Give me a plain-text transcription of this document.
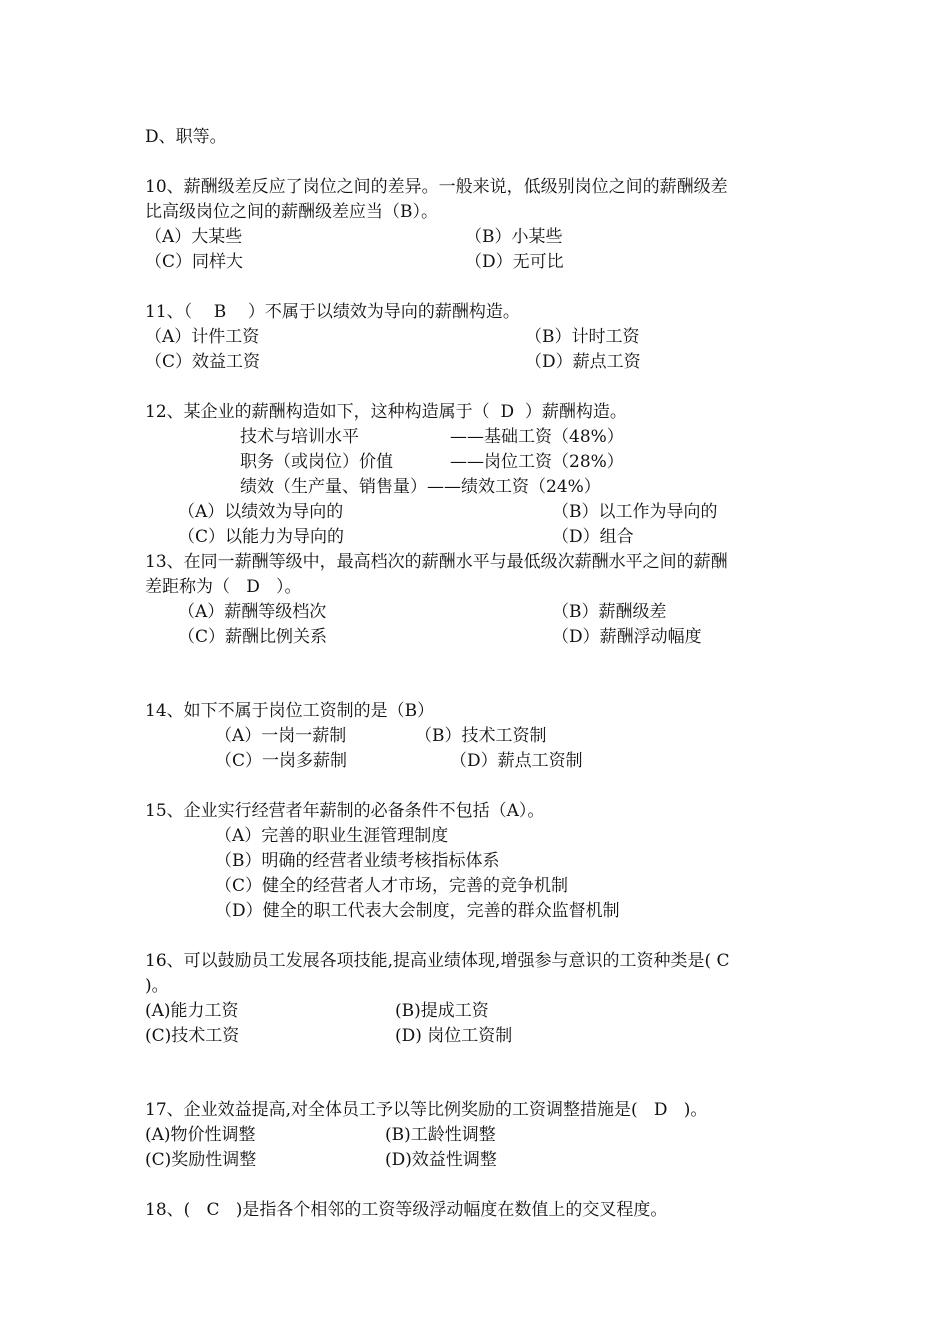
D、职等。
10、薪酬级差反应了岗位之间的差异。一般来说，低级别岗位之间的薪酬级差
比高级岗位之间的薪酬级差应当（B）。
（A）大某些	（B）小某些
（C）同样大	（D）无可比
11、（    B    ）不属于以绩效为导向的薪酬构造。
（A）计件工资	（B）计时工资
（C）效益工资	（D）薪点工资
12、某企业的薪酬构造如下，这种构造属于（  D  ）薪酬构造。
技术与培训水平	——基础工资（48%）
职务（或岗位）价值	——岗位工资（28%）
绩效（生产量、销售量）——绩效工资（24%）
（A）以绩效为导向的	（B）以工作为导向的
（C）以能力为导向的	（D）组合
13、在同一薪酬等级中，最高档次的薪酬水平与最低级次薪酬水平之间的薪酬
差距称为（   D   ）。
（A）薪酬等级档次	（B）薪酬级差
（C）薪酬比例关系	（D）薪酬浮动幅度
14、如下不属于岗位工资制的是（B）
（A）一岗一薪制	（B）技术工资制
（C）一岗多薪制	（D）薪点工资制
15、企业实行经营者年薪制的必备条件不包括（A）。
（A）完善的职业生涯管理制度
（B）明确的经营者业绩考核指标体系
（C）健全的经营者人才市场，完善的竞争机制
（D）健全的职工代表大会制度，完善的群众监督机制
16、可以鼓励员工发展各项技能,提高业绩体现,增强参与意识的工资种类是( C
)。
(A)能力工资	(B)提成工资
(C)技术工资	(D) 岗位工资制
17、企业效益提高,对全体员工予以等比例奖励的工资调整措施是(   D   )。
(A)物价性调整	(B)工龄性调整
(C)奖励性调整	(D)效益性调整
18、(   C   )是指各个相邻的工资等级浮动幅度在数值上的交叉程度。
